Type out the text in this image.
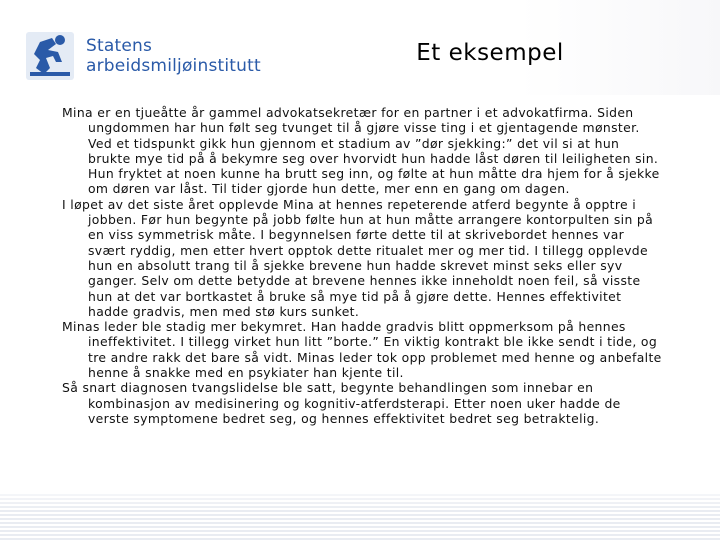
Statens
arbeidsmiljøinstitutt	Et eksempel

Mina er en tjueåtte år gammel advokatsekretær for en partner i et advokatfirma. Siden ungdommen har hun følt seg tvunget til å gjøre visse ting i et gjentagende mønster. Ved et tidspunkt gikk hun gjennom et stadium av ”dør sjekking:” det vil si at hun brukte mye tid på å bekymre seg over hvorvidt hun hadde låst døren til leiligheten sin. Hun fryktet at noen kunne ha brutt seg inn, og følte at hun måtte dra hjem for å sjekke om døren var låst. Til tider gjorde hun dette, mer enn en gang om dagen.

I løpet av det siste året opplevde Mina at hennes repeterende atferd begynte å opptre i jobben. Før hun begynte på jobb følte hun at hun måtte arrangere kontorpulten sin på en viss symmetrisk måte. I begynnelsen førte dette til at skrivebordet hennes var svært ryddig, men etter hvert opptok dette ritualet mer og mer tid. I tillegg opplevde hun en absolutt trang til å sjekke brevene hun hadde skrevet minst seks eller syv ganger. Selv om dette betydde at brevene hennes ikke inneholdt noen feil, så visste hun at det var bortkastet å bruke så mye tid på å gjøre dette. Hennes effektivitet hadde gradvis, men med stø kurs sunket.

Minas leder ble stadig mer bekymret. Han hadde gradvis blitt oppmerksom på hennes ineffektivitet. I tillegg virket hun litt ”borte.” En viktig kontrakt ble ikke sendt i tide, og tre andre rakk det bare så vidt. Minas leder tok opp problemet med henne og anbefalte henne å snakke med en psykiater han kjente til.

Så snart diagnosen tvangslidelse ble satt, begynte behandlingen som innebar en kombinasjon av medisinering og kognitiv-atferdsterapi. Etter noen uker hadde de verste symptomene bedret seg, og hennes effektivitet bedret seg betraktelig.
